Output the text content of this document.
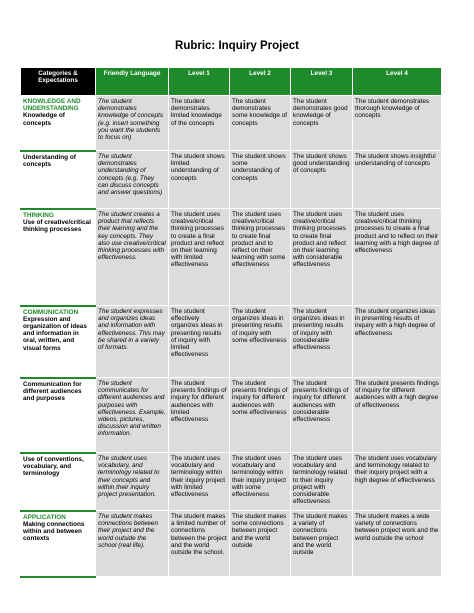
Rubric: Inquiry Project
Categories & Expectations	Friendly Language	Level 1	Level 2	Level 3	Level 4

KNOWLEDGE AND UNDERSTANDING
Knowledge of concepts	The student demonstrates knowledge of concepts (e.g. insert something you want the students to focus on)	The student demonstrates limited knowledge of the concepts	The student demonstrates some knowledge of concepts	The student demonstrates good knowledge of concepts	The student demonstrates thorough knowledge of concepts

Understanding of concepts	The student demonstrates understanding of concepts (e.g. They can discuss concepts and answer questions)	The student shows limited understanding of concepts	The student shows some understanding of concepts	The student shows good understanding of concepts	The student shows insightful understanding of concepts

THINKING
Use of creative/critical thinking processes	The student creates a product that reflects their learning and the key concepts. They also use creative/critical thinking processes with effectiveness.	The student uses creative/critical thinking processes to create a final product and reflect on their learning with limited effectiveness	The student uses creative/critical thinking processes to create final product and to reflect on their learning with some effectiveness	The student uses creative/critical thinking processes to create final product and reflect on their learning with considerable effectiveness	The student uses creative/critical thinking processes to create a final product and to reflect on their learning with a high degree of effectiveness

COMMUNICATION
Expression and organization of ideas and information in oral, written, and visual forms	The student expresses and organizes ideas and information with effectiveness. This may be shared in a variety of formats.	The student effectively organizes ideas in presenting results of inquiry with limited effectiveness	The student organizes ideas in presenting results of inquiry with some effectiveness	The student organizes ideas in presenting results of inquiry with considerable effectiveness	The student organizes ideas in presenting results of inquiry with a high degree of effectiveness

Communication for different audiences and purposes	The student communicates for different audiences and purposes with effectiveness. Example, videos, pictures, discussion and written information.	The student presents findings of inquiry for different audiences with limited effectiveness	The student presents findings of inquiry for different audiences with some effectiveness	The student presents findings of inquiry for different audiences with considerable effectiveness	The student presents findings of inquiry for different audiences with a high degree of effectiveness

Use of conventions, vocabulary, and terminology	The student uses vocabulary, and terminology related to their concepts and within their inquiry project presentation.	The student uses vocabulary and terminology within their inquiry project with limited effectiveness	The student uses vocabulary and terminology within their inquiry project with some effectiveness	The student uses vocabulary and terminology related to their inquiry project with considerable effectiveness	The student uses vocabulary and terminology related to their inquiry project with a high degree of effectiveness

APPLICATION
Making connections within and between contexts	The student makes connections between their project and the world outside the school (real life).	The student makes a limited number of connections between the project and the world outside the school.	The student makes some connections between project and the world outside	The student makes a variety of connections between project and the world outside	The student makes a wide variety of connections between project work and the world outside the school
